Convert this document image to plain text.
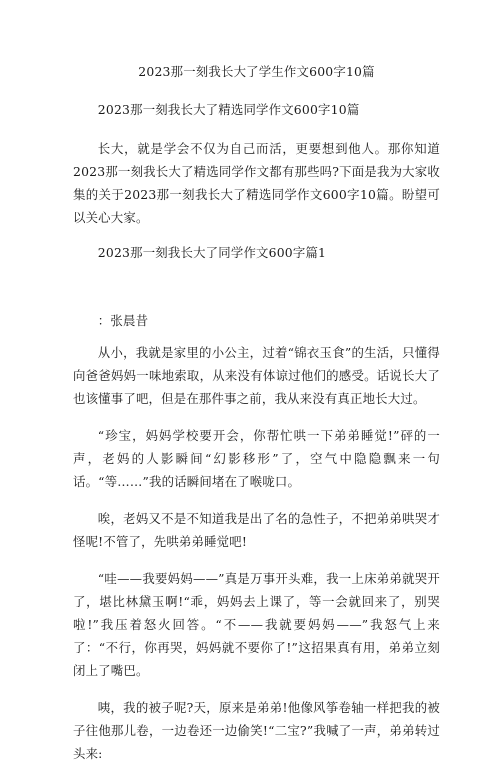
2023那一刻我长大了学生作文600字10篇

2023那一刻我长大了精选同学作文600字10篇

长大，就是学会不仅为自己而活，更要想到他人。那你知道2023那一刻我长大了精选同学作文都有那些吗?下面是我为大家收集的关于2023那一刻我长大了精选同学作文600字10篇。盼望可以关心大家。

2023那一刻我长大了同学作文600字篇1

：张晨昔

从小，我就是家里的小公主，过着“锦衣玉食”的生活，只懂得向爸爸妈妈一味地索取，从来没有体谅过他们的感受。话说长大了也该懂事了吧，但是在那件事之前，我从来没有真正地长大过。

“珍宝，妈妈学校要开会，你帮忙哄一下弟弟睡觉!”砰的一声，老妈的人影瞬间“幻影移形”了，空气中隐隐飘来一句话。“等……”我的话瞬间堵在了喉咙口。

唉，老妈又不是不知道我是出了名的急性子，不把弟弟哄哭才怪呢!不管了，先哄弟弟睡觉吧!

“哇——我要妈妈——”真是万事开头难，我一上床弟弟就哭开了，堪比林黛玉啊!“乖，妈妈去上课了，等一会就回来了，别哭啦!”我压着怒火回答。“不——我就要妈妈——”我怒气上来了：“不行，你再哭，妈妈就不要你了!”这招果真有用，弟弟立刻闭上了嘴巴。

咦，我的被子呢?天，原来是弟弟!他像风筝卷轴一样把我的被子往他那儿卷，一边卷还一边偷笑!“二宝?”我喊了一声，弟弟转过头来:
